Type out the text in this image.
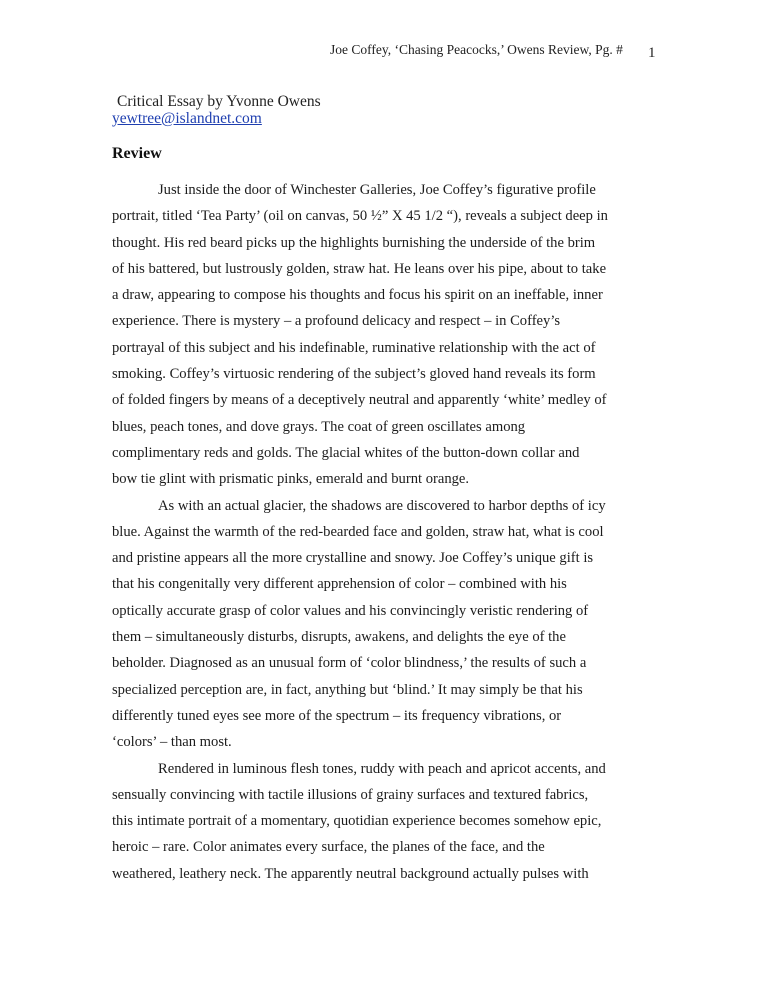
Joe Coffey, ‘Chasing Peacocks,’ Owens Review, Pg. # 1
Critical Essay by Yvonne Owens
yewtree@islandnet.com
Review
Just inside the door of Winchester Galleries, Joe Coffey’s figurative profile
portrait, titled ‘Tea Party’ (oil on canvas, 50 ½” X 45 1/2 “), reveals a subject deep in
thought. His red beard picks up the highlights burnishing the underside of the brim
of his battered, but lustrously golden, straw hat. He leans over his pipe, about to take
a draw, appearing to compose his thoughts and focus his spirit on an ineffable, inner
experience. There is mystery – a profound delicacy and respect – in Coffey’s
portrayal of this subject and his indefinable, ruminative relationship with the act of
smoking. Coffey’s virtuosic rendering of the subject’s gloved hand reveals its form
of folded fingers by means of a deceptively neutral and apparently ‘white’ medley of
blues, peach tones, and dove grays. The coat of green oscillates among
complimentary reds and golds. The glacial whites of the button-down collar and
bow tie glint with prismatic pinks, emerald and burnt orange.
As with an actual glacier, the shadows are discovered to harbor depths of icy
blue. Against the warmth of the red-bearded face and golden, straw hat, what is cool
and pristine appears all the more crystalline and snowy. Joe Coffey’s unique gift is
that his congenitally very different apprehension of color – combined with his
optically accurate grasp of color values and his convincingly veristic rendering of
them – simultaneously disturbs, disrupts, awakens, and delights the eye of the
beholder. Diagnosed as an unusual form of ‘color blindness,’ the results of such a
specialized perception are, in fact, anything but ‘blind.’ It may simply be that his
differently tuned eyes see more of the spectrum – its frequency vibrations, or
‘colors’ – than most.
Rendered in luminous flesh tones, ruddy with peach and apricot accents, and
sensually convincing with tactile illusions of grainy surfaces and textured fabrics,
this intimate portrait of a momentary, quotidian experience becomes somehow epic,
heroic – rare. Color animates every surface, the planes of the face, and the
weathered, leathery neck. The apparently neutral background actually pulses with
